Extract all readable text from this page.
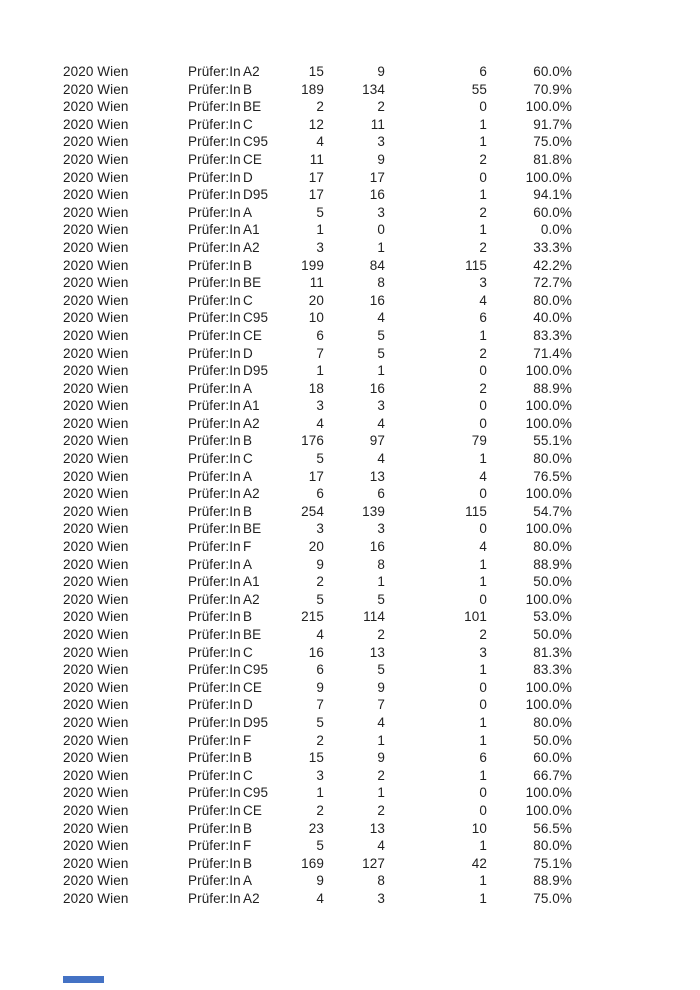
2020 Wien	Prüfer:In A2	15	9	6	60.0%
2020 Wien	Prüfer:In B	189	134	55	70.9%
2020 Wien	Prüfer:In BE	2	2	0	100.0%
2020 Wien	Prüfer:In C	12	11	1	91.7%
2020 Wien	Prüfer:In C95	4	3	1	75.0%
2020 Wien	Prüfer:In CE	11	9	2	81.8%
2020 Wien	Prüfer:In D	17	17	0	100.0%
2020 Wien	Prüfer:In D95	17	16	1	94.1%
2020 Wien	Prüfer:In A	5	3	2	60.0%
2020 Wien	Prüfer:In A1	1	0	1	0.0%
2020 Wien	Prüfer:In A2	3	1	2	33.3%
2020 Wien	Prüfer:In B	199	84	115	42.2%
2020 Wien	Prüfer:In BE	11	8	3	72.7%
2020 Wien	Prüfer:In C	20	16	4	80.0%
2020 Wien	Prüfer:In C95	10	4	6	40.0%
2020 Wien	Prüfer:In CE	6	5	1	83.3%
2020 Wien	Prüfer:In D	7	5	2	71.4%
2020 Wien	Prüfer:In D95	1	1	0	100.0%
2020 Wien	Prüfer:In A	18	16	2	88.9%
2020 Wien	Prüfer:In A1	3	3	0	100.0%
2020 Wien	Prüfer:In A2	4	4	0	100.0%
2020 Wien	Prüfer:In B	176	97	79	55.1%
2020 Wien	Prüfer:In C	5	4	1	80.0%
2020 Wien	Prüfer:In A	17	13	4	76.5%
2020 Wien	Prüfer:In A2	6	6	0	100.0%
2020 Wien	Prüfer:In B	254	139	115	54.7%
2020 Wien	Prüfer:In BE	3	3	0	100.0%
2020 Wien	Prüfer:In F	20	16	4	80.0%
2020 Wien	Prüfer:In A	9	8	1	88.9%
2020 Wien	Prüfer:In A1	2	1	1	50.0%
2020 Wien	Prüfer:In A2	5	5	0	100.0%
2020 Wien	Prüfer:In B	215	114	101	53.0%
2020 Wien	Prüfer:In BE	4	2	2	50.0%
2020 Wien	Prüfer:In C	16	13	3	81.3%
2020 Wien	Prüfer:In C95	6	5	1	83.3%
2020 Wien	Prüfer:In CE	9	9	0	100.0%
2020 Wien	Prüfer:In D	7	7	0	100.0%
2020 Wien	Prüfer:In D95	5	4	1	80.0%
2020 Wien	Prüfer:In F	2	1	1	50.0%
2020 Wien	Prüfer:In B	15	9	6	60.0%
2020 Wien	Prüfer:In C	3	2	1	66.7%
2020 Wien	Prüfer:In C95	1	1	0	100.0%
2020 Wien	Prüfer:In CE	2	2	0	100.0%
2020 Wien	Prüfer:In B	23	13	10	56.5%
2020 Wien	Prüfer:In F	5	4	1	80.0%
2020 Wien	Prüfer:In B	169	127	42	75.1%
2020 Wien	Prüfer:In A	9	8	1	88.9%
2020 Wien	Prüfer:In A2	4	3	1	75.0%
